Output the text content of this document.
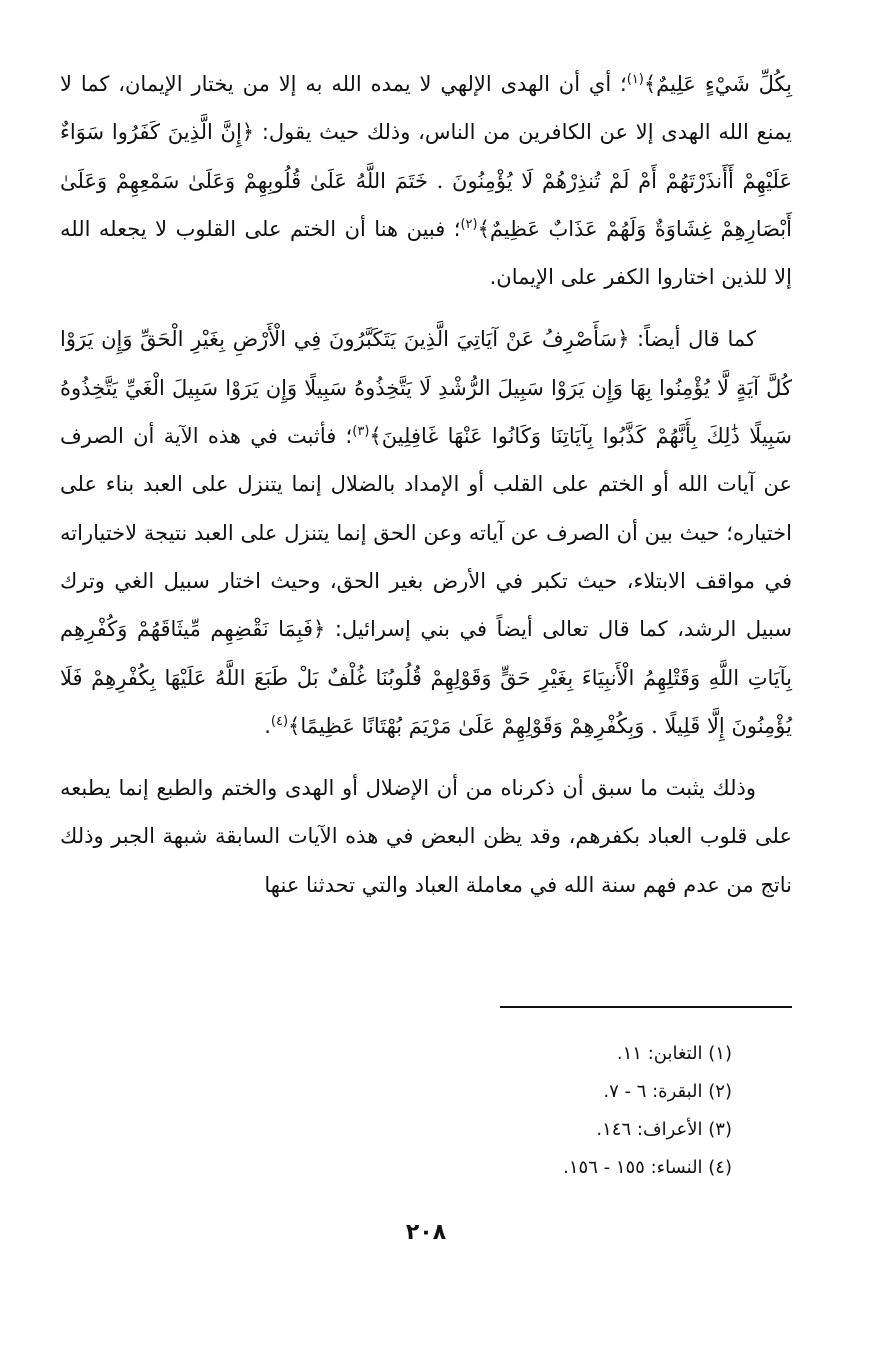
بِكُلِّ شَيْءٍ عَلِيمٌ﴾$^{(١)}$؛ أي أن الهدى الإلهي لا يمده الله به إلا من يختار الإيمان، كما لا يمنع الله الهدى إلا عن الكافرين من الناس، وذلك حيث يقول: ﴿إِنَّ الَّذِينَ كَفَرُوا سَوَاءٌ عَلَيْهِمْ أَأَنذَرْتَهُمْ أَمْ لَمْ تُنذِرْهُمْ لَا يُؤْمِنُونَ . خَتَمَ اللَّهُ عَلَىٰ قُلُوبِهِمْ وَعَلَىٰ سَمْعِهِمْ وَعَلَىٰ أَبْصَارِهِمْ غِشَاوَةٌ وَلَهُمْ عَذَابٌ عَظِيمٌ﴾$^{(٢)}$؛ فبين هنا أن الختم على القلوب لا يجعله الله إلا للذين اختاروا الكفر على الإيمان.

كما قال أيضاً: ﴿سَأَصْرِفُ عَنْ آيَاتِيَ الَّذِينَ يَتَكَبَّرُونَ فِي الْأَرْضِ بِغَيْرِ الْحَقِّ وَإِن يَرَوْا كُلَّ آيَةٍ لَّا يُؤْمِنُوا بِهَا وَإِن يَرَوْا سَبِيلَ الرُّشْدِ لَا يَتَّخِذُوهُ سَبِيلًا وَإِن يَرَوْا سَبِيلَ الْغَيِّ يَتَّخِذُوهُ سَبِيلًا ذَٰلِكَ بِأَنَّهُمْ كَذَّبُوا بِآيَاتِنَا وَكَانُوا عَنْهَا غَافِلِينَ﴾$^{(٣)}$؛ فأثبت في هذه الآية أن الصرف عن آيات الله أو الختم على القلب أو الإمداد بالضلال إنما يتنزل على العبد بناء على اختياره؛ حيث بين أن الصرف عن آياته وعن الحق إنما يتنزل على العبد نتيجة لاختياراته في مواقف الابتلاء، حيث تكبر في الأرض بغير الحق، وحيث اختار سبيل الغي وترك سبيل الرشد، كما قال تعالى أيضاً في بني إسرائيل: ﴿فَبِمَا نَقْضِهِم مِّيثَاقَهُمْ وَكُفْرِهِم بِآيَاتِ اللَّهِ وَقَتْلِهِمُ الْأَنبِيَاءَ بِغَيْرِ حَقٍّ وَقَوْلِهِمْ قُلُوبُنَا غُلْفٌ بَلْ طَبَعَ اللَّهُ عَلَيْهَا بِكُفْرِهِمْ فَلَا يُؤْمِنُونَ إِلَّا قَلِيلًا . وَبِكُفْرِهِمْ وَقَوْلِهِمْ عَلَىٰ مَرْيَمَ بُهْتَانًا عَظِيمًا﴾$^{(٤)}$.

وذلك يثبت ما سبق أن ذكرناه من أن الإضلال أو الهدى والختم والطبع إنما يطبعه على قلوب العباد بكفرهم، وقد يظن البعض في هذه الآيات السابقة شبهة الجبر وذلك ناتج من عدم فهم سنة الله في معاملة العباد والتي تحدثنا عنها

(١) التغابن: ١١.
(٢) البقرة: ٦ - ٧.
(٣) الأعراف: ١٤٦.
(٤) النساء: ١٥٥ - ١٥٦.
٢٠٨
